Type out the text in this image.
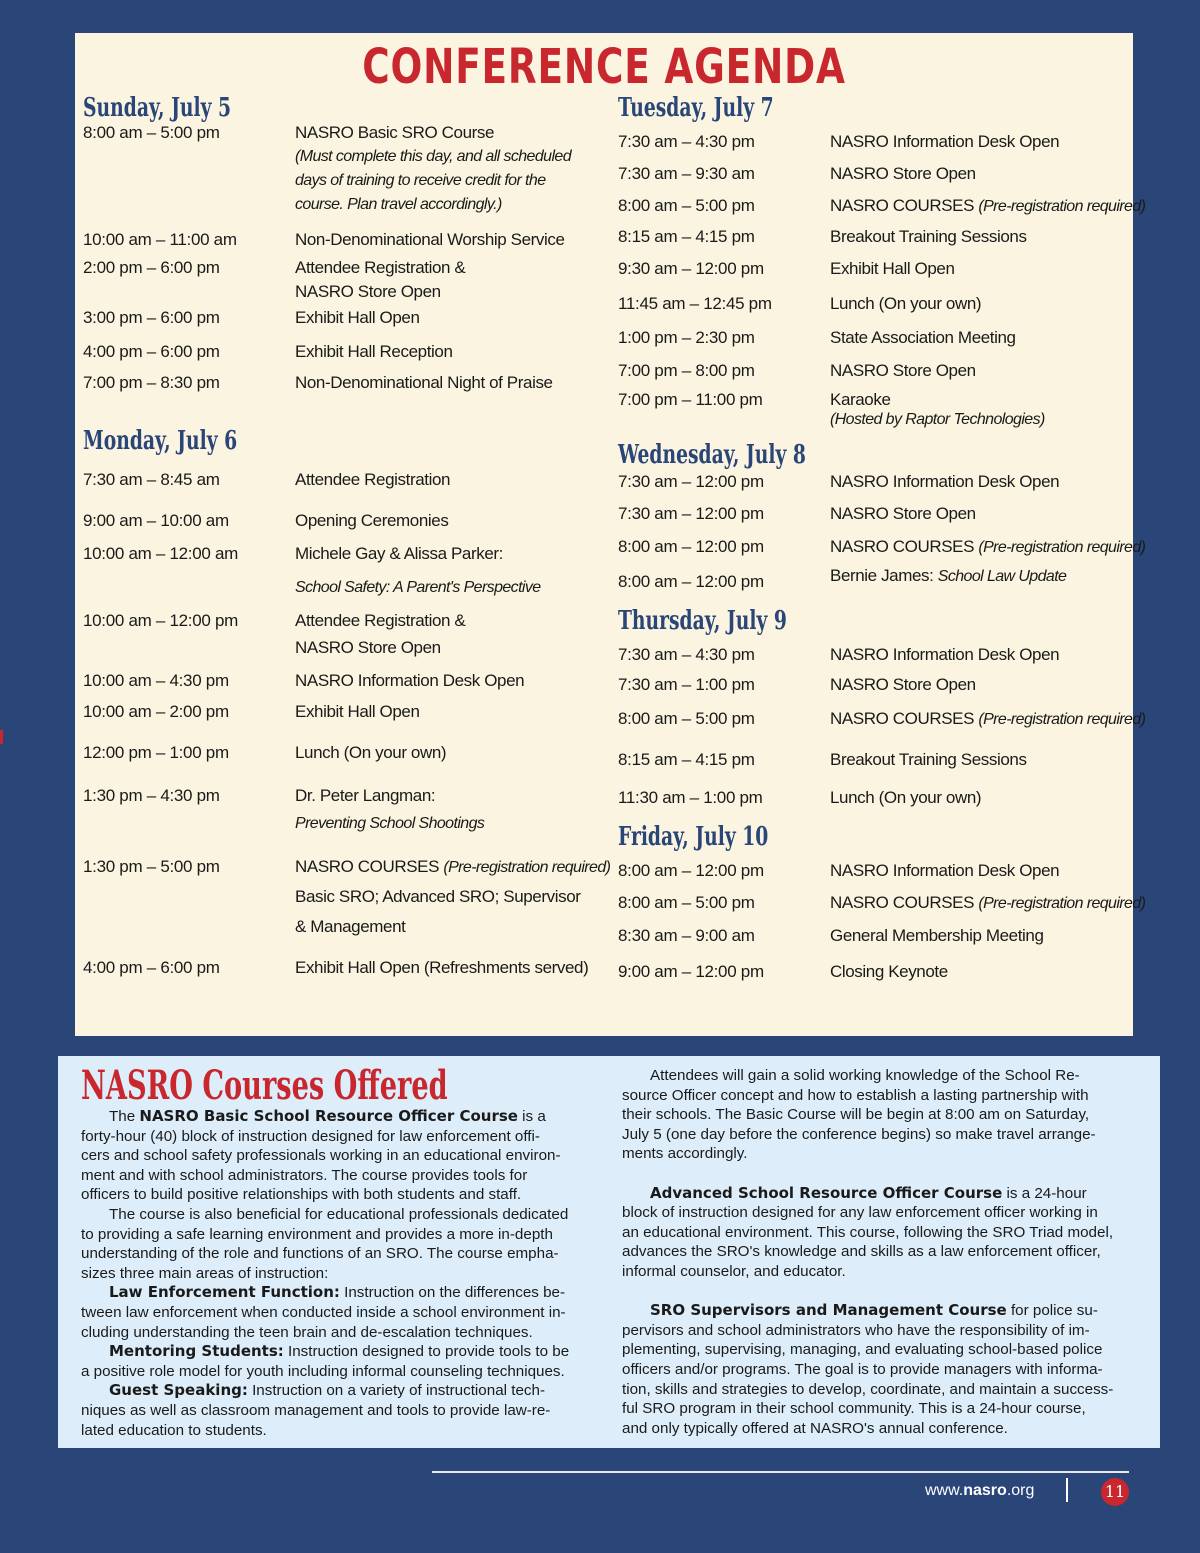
CONFERENCE AGENDA
Sunday, July 5
8:00 am – 5:00 pm	NASRO Basic SRO Course
(Must complete this day, and all scheduled
days of training to receive credit for the
course. Plan travel accordingly.)
10:00 am – 11:00 am	Non-Denominational Worship Service
2:00 pm – 6:00 pm	Attendee Registration &
NASRO Store Open
3:00 pm – 6:00 pm	Exhibit Hall Open
4:00 pm – 6:00 pm	Exhibit Hall Reception
7:00 pm – 8:30 pm	Non-Denominational Night of Praise
Monday, July 6
7:30 am – 8:45 am	Attendee Registration
9:00 am – 10:00 am	Opening Ceremonies
10:00 am – 12:00 am	Michele Gay & Alissa Parker:
School Safety: A Parent's Perspective
10:00 am – 12:00 pm	Attendee Registration &
NASRO Store Open
10:00 am – 4:30 pm	NASRO Information Desk Open
10:00 am – 2:00 pm	Exhibit Hall Open
12:00 pm – 1:00 pm	Lunch (On your own)
1:30 pm – 4:30 pm	Dr. Peter Langman:
Preventing School Shootings
1:30 pm – 5:00 pm	NASRO COURSES (Pre-registration required)
Basic SRO; Advanced SRO; Supervisor
& Management
4:00 pm – 6:00 pm	Exhibit Hall Open (Refreshments served)
Tuesday, July 7
7:30 am – 4:30 pm	NASRO Information Desk Open
7:30 am – 9:30 am	NASRO Store Open
8:00 am – 5:00 pm	NASRO COURSES (Pre-registration required)
8:15 am – 4:15 pm	Breakout Training Sessions
9:30 am – 12:00 pm	Exhibit Hall Open
11:45 am – 12:45 pm	Lunch (On your own)
1:00 pm – 2:30 pm	State Association Meeting
7:00 pm – 8:00 pm	NASRO Store Open
7:00 pm – 11:00 pm	Karaoke
(Hosted by Raptor Technologies)
Wednesday, July 8
7:30 am – 12:00 pm	NASRO Information Desk Open
7:30 am – 12:00 pm	NASRO Store Open
8:00 am – 12:00 pm	NASRO COURSES (Pre-registration required)
8:00 am – 12:00 pm	Bernie James: School Law Update
Thursday, July 9
7:30 am – 4:30 pm	NASRO Information Desk Open
7:30 am – 1:00 pm	NASRO Store Open
8:00 am – 5:00 pm	NASRO COURSES (Pre-registration required)
8:15 am – 4:15 pm	Breakout Training Sessions
11:30 am – 1:00 pm	Lunch (On your own)
Friday, July 10
8:00 am – 12:00 pm	NASRO Information Desk Open
8:00 am – 5:00 pm	NASRO COURSES (Pre-registration required)
8:30 am – 9:00 am	General Membership Meeting
9:00 am – 12:00 pm	Closing Keynote
NASRO Courses Offered

The NASRO Basic School Resource Officer Course is a

forty-hour (40) block of instruction designed for law enforcement offi-

cers and school safety professionals working in an educational environ-

ment and with school administrators. The course provides tools for

officers to build positive relationships with both students and staff.

The course is also beneficial for educational professionals dedicated

to providing a safe learning environment and provides a more in-depth

understanding of the role and functions of an SRO. The course empha-

sizes three main areas of instruction:

Law Enforcement Function: Instruction on the differences be-

tween law enforcement when conducted inside a school environment in-

cluding understanding the teen brain and de-escalation techniques.

Mentoring Students: Instruction designed to provide tools to be

a positive role model for youth including informal counseling techniques.

Guest Speaking: Instruction on a variety of instructional tech-

niques as well as classroom management and tools to provide law-re-

lated education to students.

Attendees will gain a solid working knowledge of the School Re-

source Officer concept and how to establish a lasting partnership with

their schools. The Basic Course will be begin at 8:00 am on Saturday,

July 5 (one day before the conference begins) so make travel arrange-

ments accordingly.

Advanced School Resource Officer Course is a 24-hour

block of instruction designed for any law enforcement officer working in

an educational environment. This course, following the SRO Triad model,

advances the SRO's knowledge and skills as a law enforcement officer,

informal counselor, and educator.

SRO Supervisors and Management Course for police su-

pervisors and school administrators who have the responsibility of im-

plementing, supervising, managing, and evaluating school-based police

officers and/or programs. The goal is to provide managers with informa-

tion, skills and strategies to develop, coordinate, and maintain a success-

ful SRO program in their school community. This is a 24-hour course,

and only typically offered at NASRO's annual conference.

www.nasro.org	11
